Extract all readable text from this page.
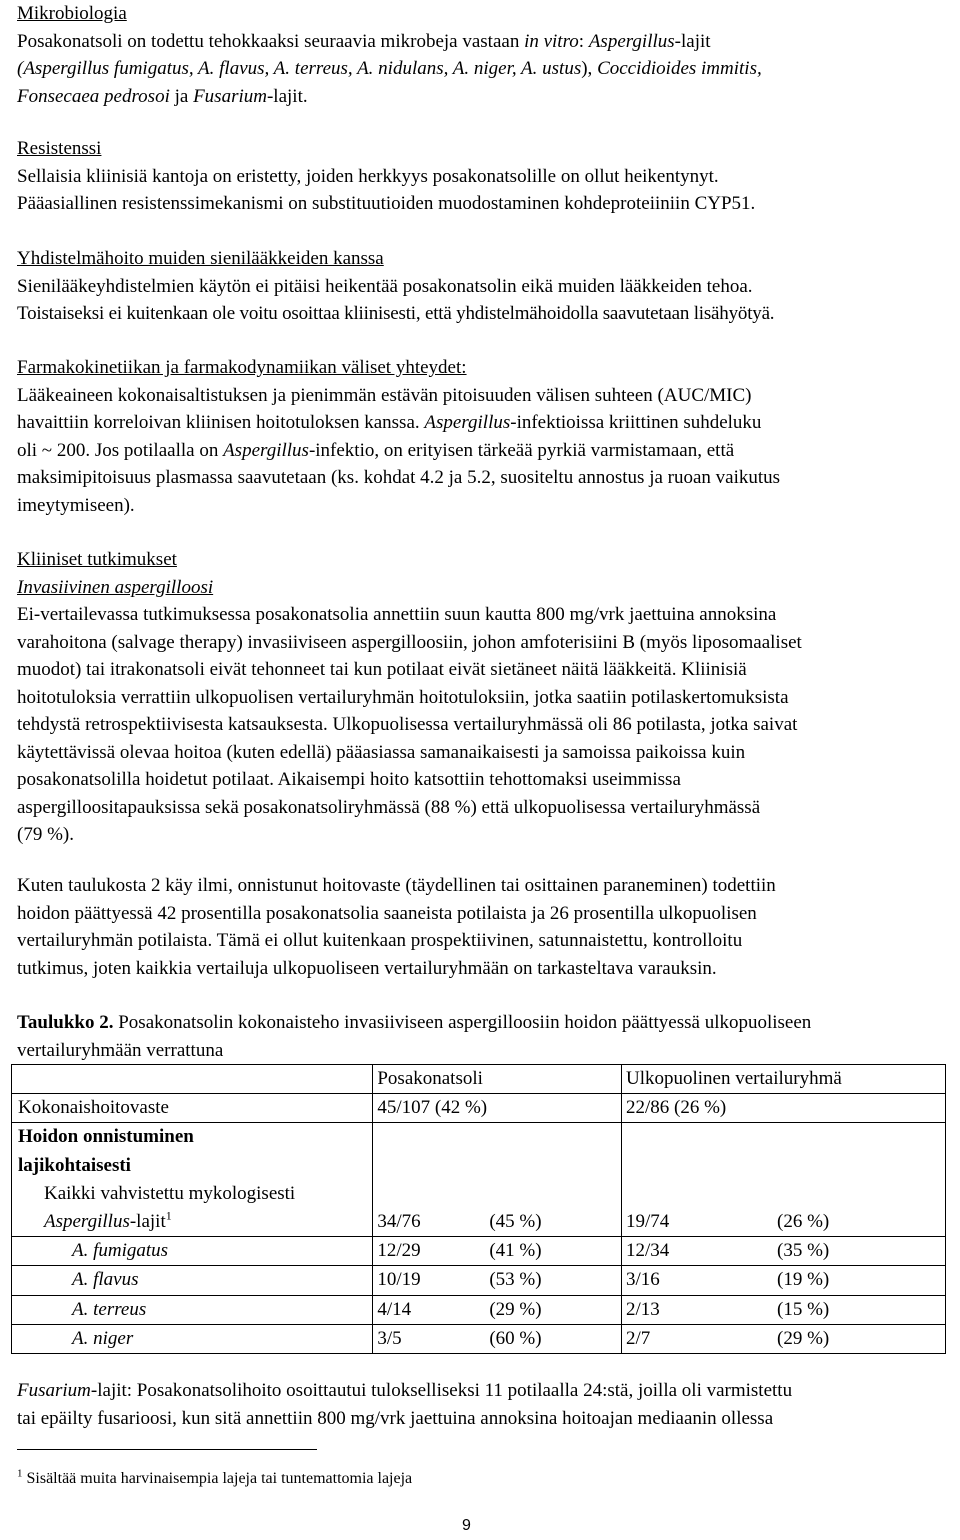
Mikrobiologia

Posakonatsoli on todettu tehokkaaksi seuraavia mikrobeja vastaan in vitro: Aspergillus-lajit
(Aspergillus fumigatus, A. flavus, A. terreus, A. nidulans, A. niger, A. ustus), Coccidioides immitis,
Fonsecaea pedrosoi ja Fusarium-lajit.

Resistenssi

Sellaisia kliinisiä kantoja on eristetty, joiden herkkyys posakonatsolille on ollut heikentynyt.

Pääasiallinen resistenssimekanismi on substituutioiden muodostaminen kohdeproteiiniin CYP51.

Yhdistelmähoito muiden sienilääkkeiden kanssa

Sienilääkeyhdistelmien käytön ei pitäisi heikentää posakonatsolin eikä muiden lääkkeiden tehoa.

Toistaiseksi ei kuitenkaan ole voitu osoittaa kliinisesti, että yhdistelmähoidolla saavutetaan lisähyötyä.

Farmakokinetiikan ja farmakodynamiikan väliset yhteydet:

Lääkeaineen kokonaisaltistuksen ja pienimmän estävän pitoisuuden välisen suhteen (AUC/MIC)
havaittiin korreloivan kliinisen hoitotuloksen kanssa. Aspergillus-infektioissa kriittinen suhdeluku
oli ~ 200. Jos potilaalla on Aspergillus-infektio, on erityisen tärkeää pyrkiä varmistamaan, että
maksimipitoisuus plasmassa saavutetaan (ks. kohdat 4.2 ja 5.2, suositeltu annostus ja ruoan vaikutus
imeytymiseen).

Kliiniset tutkimukset

Invasiivinen aspergilloosi

Ei-vertailevassa tutkimuksessa posakonatsolia annettiin suun kautta 800 mg/vrk jaettuina annoksina

varahoitona (salvage therapy) invasiiviseen aspergilloosiin, johon amfoterisiini B (myös liposomaaliset

muodot) tai itrakonatsoli eivät tehonneet tai kun potilaat eivät sietäneet näitä lääkkeitä. Kliinisiä

hoitotuloksia verrattiin ulkopuolisen vertailuryhmän hoitotuloksiin, jotka saatiin potilaskertomuksista

tehdystä retrospektiivisesta katsauksesta. Ulkopuolisessa vertailuryhmässä oli 86 potilasta, jotka saivat

käytettävissä olevaa hoitoa (kuten edellä) pääasiassa samanaikaisesti ja samoissa paikoissa kuin

posakonatsolilla hoidetut potilaat. Aikaisempi hoito katsottiin tehottomaksi useimmissa

aspergilloositapauksissa sekä posakonatsoliryhmässä (88 %) että ulkopuolisessa vertailuryhmässä

(79 %).

Kuten taulukosta 2 käy ilmi, onnistunut hoitovaste (täydellinen tai osittainen paraneminen) todettiin

hoidon päättyessä 42 prosentilla posakonatsolia saaneista potilaista ja 26 prosentilla ulkopuolisen

vertailuryhmän potilaista. Tämä ei ollut kuitenkaan prospektiivinen, satunnaistettu, kontrolloitu

tutkimus, joten kaikkia vertailuja ulkopuoliseen vertailuryhmään on tarkasteltava varauksin.

Taulukko 2. Posakonatsolin kokonaisteho invasiiviseen aspergilloosiin hoidon päättyessä ulkopuoliseen

vertailuryhmään verrattuna

	Posakonatsoli	Ulkopuolinen vertailuryhmä
Kokonaishoitovaste	45/107 (42 %)	22/86 (26 %)

Hoidon onnistuminen
lajikohtaisesti
Kaikki vahvistettu mykologisesti
Aspergillus-lajit$^1$	34/76 (45 %)	19/74 (26 %)

A. fumigatus	12/29 (41 %)	12/34 (35 %)

A. flavus	10/19 (53 %)	3/16 (19 %)

A. terreus	4/14 (29 %)	2/13 (15 %)

A. niger	3/5 (60 %)	2/7 (29 %)

Fusarium-lajit: Posakonatsolihoito osoittautui tulokselliseksi 11 potilaalla 24:stä, joilla oli varmistettu

tai epäilty fusarioosi, kun sitä annettiin 800 mg/vrk jaettuina annoksina hoitoajan mediaanin ollessa

$^1$ Sisältää muita harvinaisempia lajeja tai tuntemattomia lajeja
9
